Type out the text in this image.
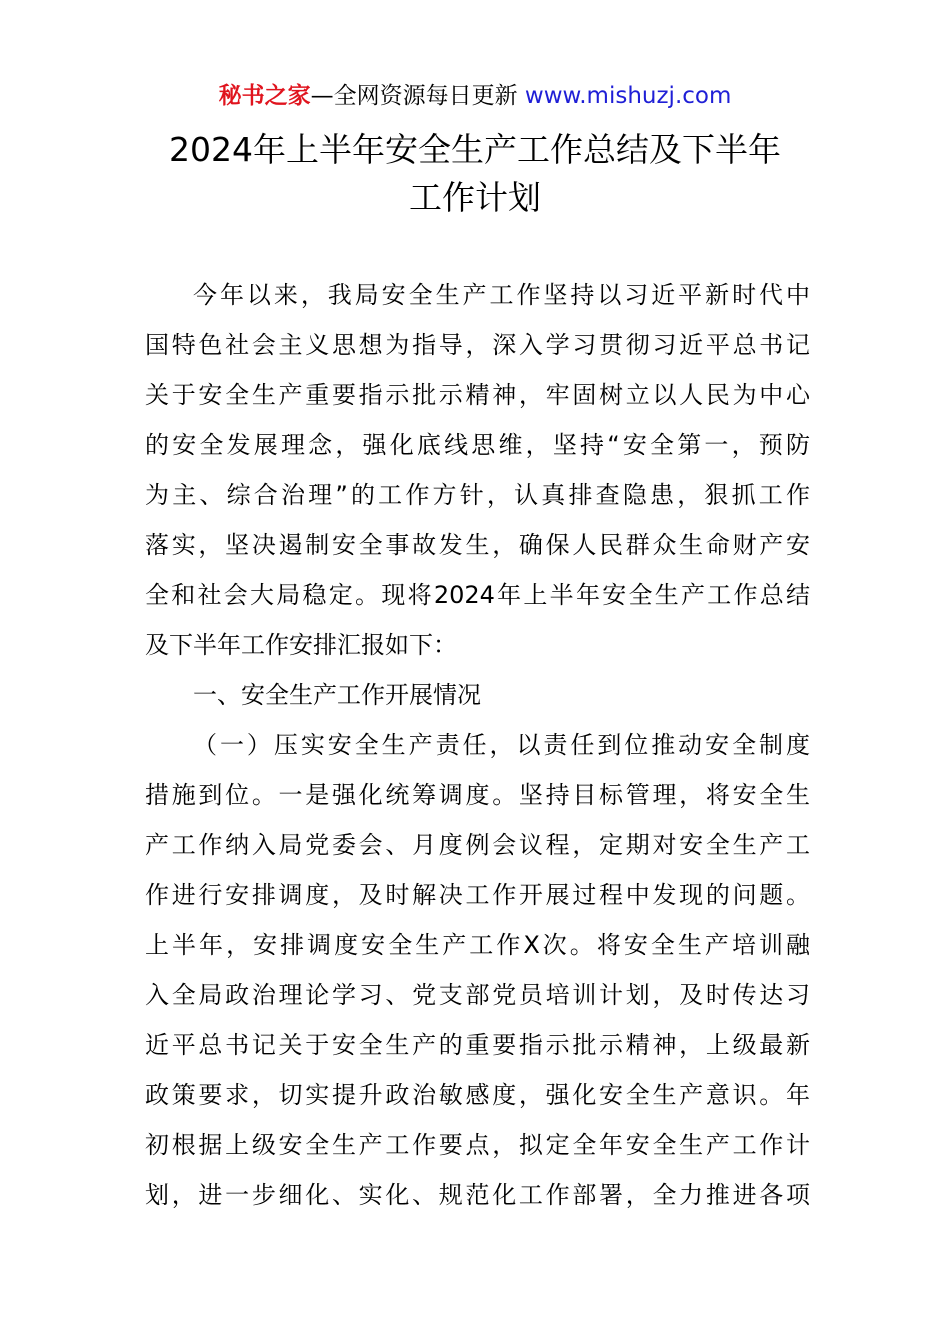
秘书之家—全网资源每日更新 www.mishuzj.com
2024年上半年安全生产工作总结及下半年
工作计划
今年以来，我局安全生产工作坚持以习近平新时代中
国特色社会主义思想为指导，深入学习贯彻习近平总书记
关于安全生产重要指示批示精神，牢固树立以人民为中心
的安全发展理念，强化底线思维，坚持“安全第一，预防
为主、综合治理”的工作方针，认真排查隐患，狠抓工作
落实，坚决遏制安全事故发生，确保人民群众生命财产安
全和社会大局稳定。现将2024年上半年安全生产工作总结
及下半年工作安排汇报如下：
一、安全生产工作开展情况
（一）压实安全生产责任，以责任到位推动安全制度
措施到位。一是强化统筹调度。坚持目标管理，将安全生
产工作纳入局党委会、月度例会议程，定期对安全生产工
作进行安排调度，及时解决工作开展过程中发现的问题。
上半年，安排调度安全生产工作X次。将安全生产培训融
入全局政治理论学习、党支部党员培训计划，及时传达习
近平总书记关于安全生产的重要指示批示精神，上级最新
政策要求，切实提升政治敏感度，强化安全生产意识。年
初根据上级安全生产工作要点，拟定全年安全生产工作计
划，进一步细化、实化、规范化工作部署，全力推进各项
